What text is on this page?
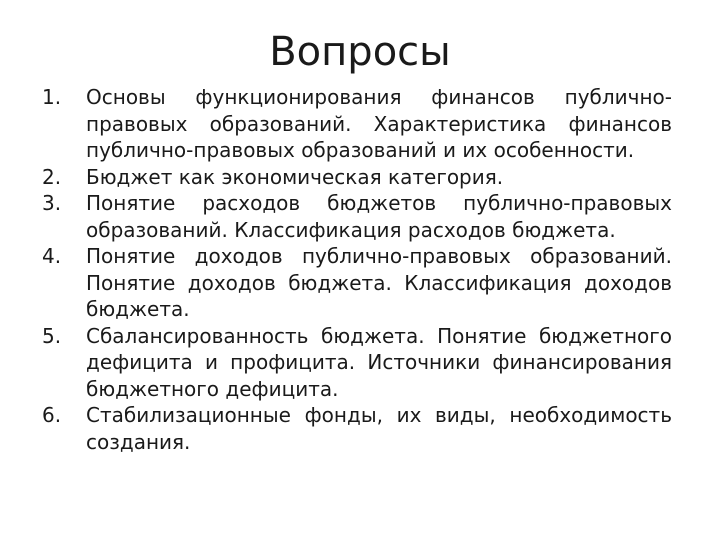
Вопросы
1.	Основы функционирования финансов публично-правовых образований. Характеристика финансов публично-правовых образований и их особенности.
2.	Бюджет как экономическая категория.
3.	Понятие расходов бюджетов публично-правовых образований. Классификация расходов бюджета.
4.	Понятие доходов публично-правовых образований. Понятие доходов бюджета. Классификация доходов бюджета.
5.	Сбалансированность бюджета. Понятие бюджетного дефицита и профицита. Источники финансирования бюджетного дефицита.
6.	Стабилизационные фонды, их виды, необходимость создания.
